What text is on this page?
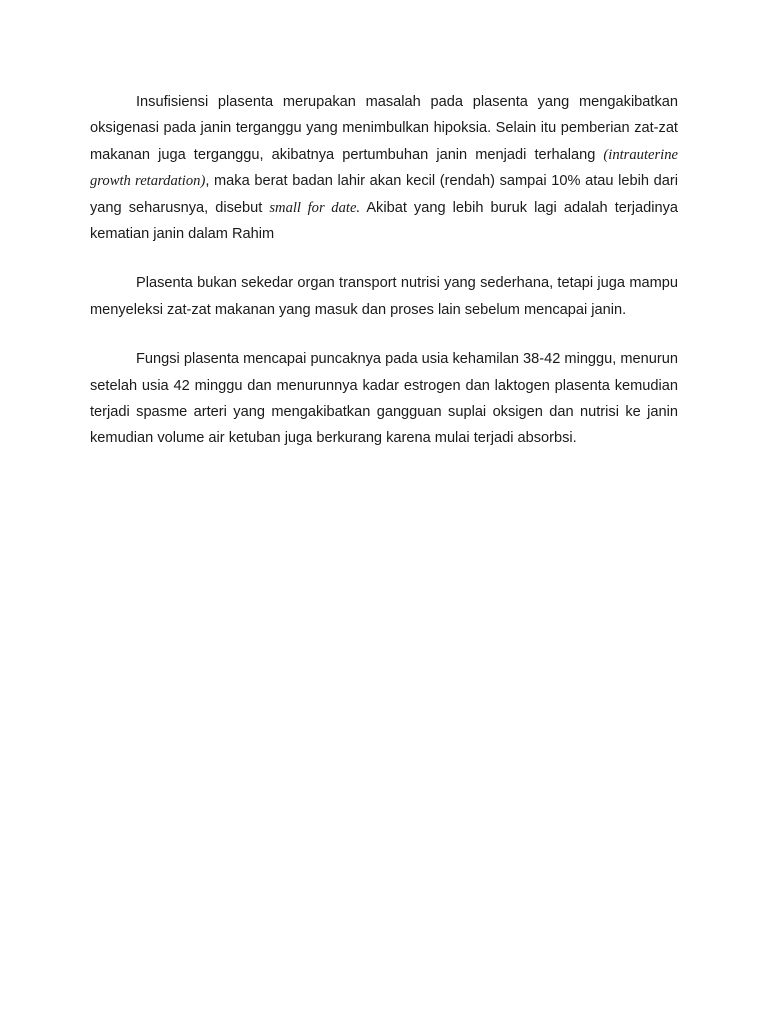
Insufisiensi plasenta merupakan masalah pada plasenta yang mengakibatkan oksigenasi pada janin terganggu yang menimbulkan hipoksia. Selain itu pemberian zat-zat makanan juga terganggu, akibatnya pertumbuhan janin menjadi terhalang (intrauterine growth retardation), maka berat badan lahir akan kecil (rendah) sampai 10% atau lebih dari yang seharusnya, disebut small for date. Akibat yang lebih buruk lagi adalah terjadinya kematian janin dalam Rahim

Plasenta bukan sekedar organ transport nutrisi yang sederhana, tetapi juga mampu menyeleksi zat-zat makanan yang masuk dan proses lain sebelum mencapai janin.

Fungsi plasenta mencapai puncaknya pada usia kehamilan 38-42 minggu, menurun setelah usia 42 minggu dan menurunnya kadar estrogen dan laktogen plasenta kemudian terjadi spasme arteri yang mengakibatkan gangguan suplai oksigen dan nutrisi ke janin kemudian volume air ketuban juga berkurang karena mulai terjadi absorbsi.
